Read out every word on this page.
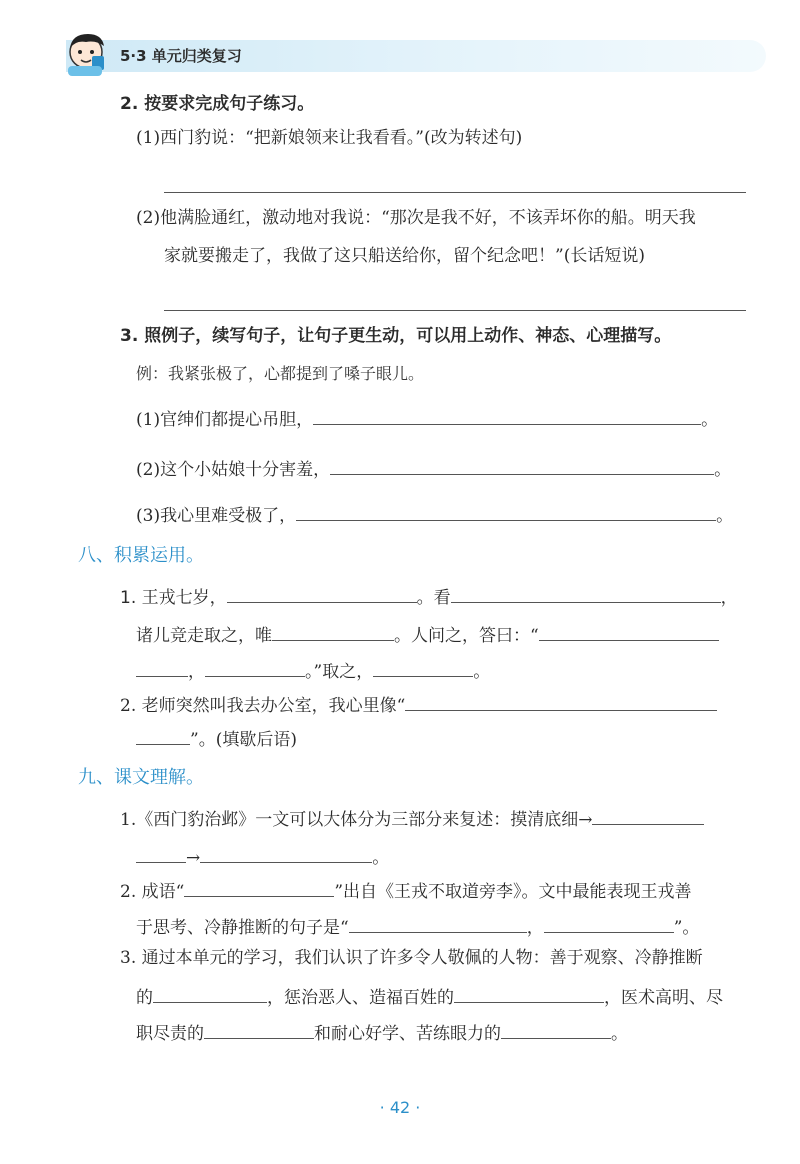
5·3 单元归类复习
2. 按要求完成句子练习。
(1)西门豹说：“把新娘领来让我看看。”(改为转述句)
(2)他满脸通红，激动地对我说：“那次是我不好，不该弄坏你的船。明天我
家就要搬走了，我做了这只船送给你，留个纪念吧！”(长话短说)
3. 照例子，续写句子，让句子更生动，可以用上动作、神态、心理描写。
例：我紧张极了，心都提到了嗓子眼儿。
(1)官绅们都提心吊胆，	。
(2)这个小姑娘十分害羞，	。
(3)我心里难受极了，	。
八、积累运用。
1. 王戎七岁，	。看	，
诸儿竞走取之，唯	。人问之，答曰：“
，	。”取之，	。
2. 老师突然叫我去办公室，我心里像“
”。(填歇后语)
九、课文理解。
1.《西门豹治邺》一文可以大体分为三部分来复述：摸清底细→
→	。
2. 成语“	”出自《王戎不取道旁李》。文中最能表现王戎善
于思考、冷静推断的句子是“	，	”。
3. 通过本单元的学习，我们认识了许多令人敬佩的人物：善于观察、冷静推断
的	，惩治恶人、造福百姓的	，医术高明、尽
职尽责的	和耐心好学、苦练眼力的	。
· 42 ·
